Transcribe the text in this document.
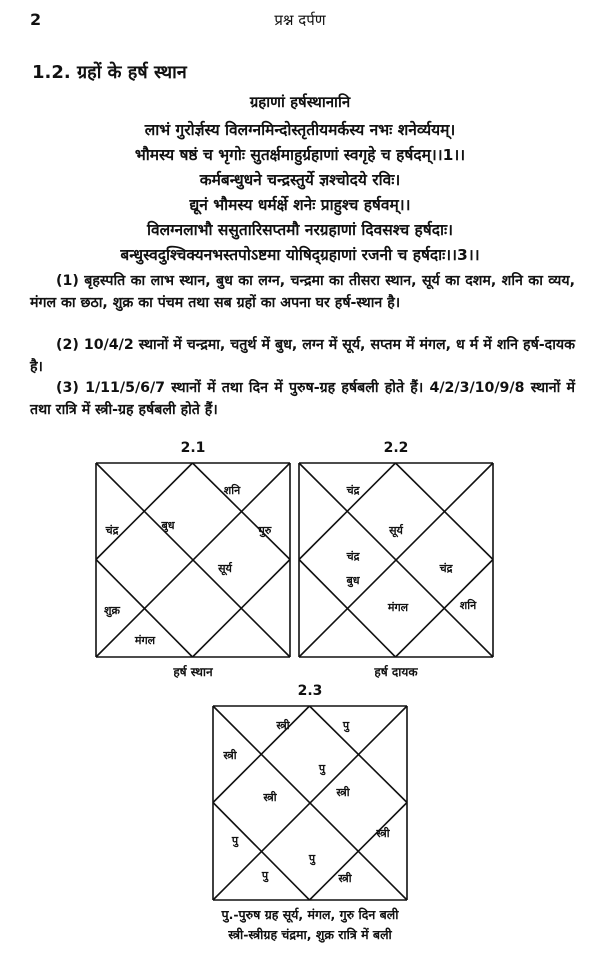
2	प्रश्न दर्पण
1.2. ग्रहों के हर्ष स्थान
ग्रहाणां हर्षस्थानानि
लाभं गुरोर्ज्ञस्य विलग्नमिन्दोस्तृतीयमर्कस्य नभः शनेर्व्ययम्।
भौमस्य षष्ठं च भृगोः सुतर्क्षमाहुर्ग्रहाणां स्वगृहे च हर्षदम्।।1।।
कर्मबन्धुधने चन्द्रस्तुर्ये ज्ञश्चोदये रविः।
द्यूनं भौमस्य धर्मर्क्षे शनेः प्राहुश्च हर्षवम्।।
विलग्नलाभौ ससुतारिसप्तमौ नरग्रहाणां दिवसश्च हर्षदाः।
बन्धुस्वदुश्चिक्यनभस्तपोऽष्टमा योषिद्ग्रहाणां रजनी च हर्षदाः।।3।।
(1) बृहस्पति का लाभ स्थान, बुध का लग्न, चन्द्रमा का तीसरा स्थान, सूर्य का दशम, शनि का व्यय, मंगल का छठा, शुक्र का पंचम तथा सब ग्रहों का अपना घर हर्ष-स्थान है।
(2) 10/4/2 स्थानों में चन्द्रमा, चतुर्थ में बुध, लग्न में सूर्य, सप्तम में मंगल, ध र्म में शनि हर्ष-दायक है।
(3) 1/11/5/6/7 स्थानों में तथा दिन में पुरुष-ग्रह हर्षबली होते हैं। 4/2/3/10/9/8 स्थानों में तथा रात्रि में स्त्री-ग्रह हर्षबली होते हैं।
2.1
शनि
चंद्र	बुध	गुरु
सूर्य
शुक्र
मंगल
हर्ष स्थान
2.2
चंद्र
सूर्य
चंद्र
बुध
चंद्र
शनि
मंगल
हर्ष दायक
2.3
स्त्री	पु
स्त्री
पु
स्त्री	स्त्री
पु
पु
स्त्री
पु	स्त्री
पु.-पुरुष ग्रह सूर्य, मंगल, गुरु दिन बली
स्त्री-स्त्रीग्रह चंद्रमा, शुक्र रात्रि में बली
